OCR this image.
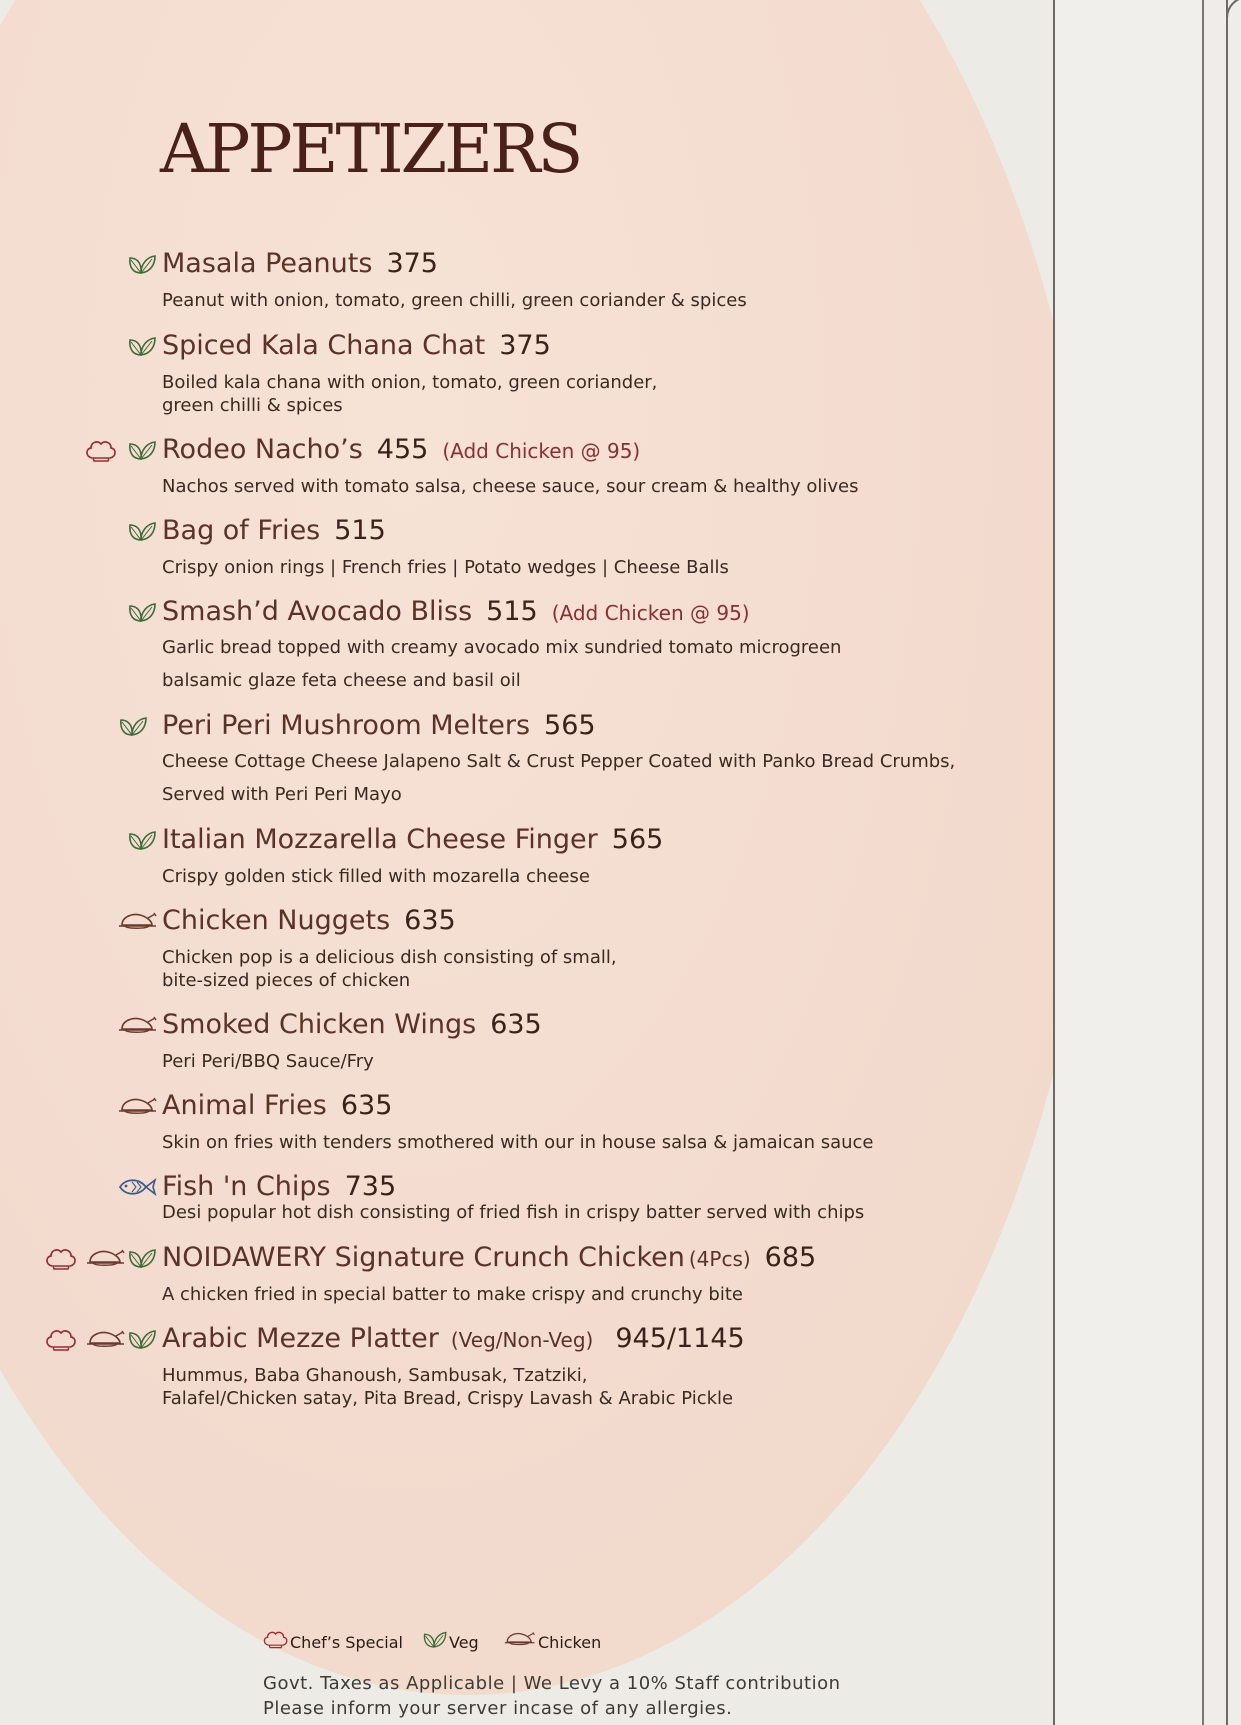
APPETIZERS
Masala Peanuts 375
Peanut with onion, tomato, green chilli, green coriander & spices
Spiced Kala Chana Chat 375
Boiled kala chana with onion, tomato, green coriander,
green chilli & spices
Rodeo Nacho’s 455 (Add Chicken @ 95)
Nachos served with tomato salsa, cheese sauce, sour cream & healthy olives
Bag of Fries 515
Crispy onion rings | French fries | Potato wedges | Cheese Balls
Smash’d Avocado Bliss 515 (Add Chicken @ 95)
Garlic bread topped with creamy avocado mix sundried tomato microgreen
balsamic glaze feta cheese and basil oil
Peri Peri Mushroom Melters 565
Cheese Cottage Cheese Jalapeno Salt & Crust Pepper Coated with Panko Bread Crumbs,
Served with Peri Peri Mayo
Italian Mozzarella Cheese Finger 565
Crispy golden stick filled with mozarella cheese
Chicken Nuggets 635
Chicken pop is a delicious dish consisting of small,
bite-sized pieces of chicken
Smoked Chicken Wings 635
Peri Peri/BBQ Sauce/Fry
Animal Fries 635
Skin on fries with tenders smothered with our in house salsa & jamaican sauce
Fish 'n Chips 735
Desi popular hot dish consisting of fried fish in crispy batter served with chips
NOIDAWERY Signature Crunch Chicken (4Pcs) 685
A chicken fried in special batter to make crispy and crunchy bite
Arabic Mezze Platter (Veg/Non-Veg) 945/1145
Hummus, Baba Ghanoush, Sambusak, Tzatziki,
Falafel/Chicken satay, Pita Bread, Crispy Lavash & Arabic Pickle
Chef’s Special	Veg	Chicken
Govt. Taxes as Applicable | We Levy a 10% Staff contribution
Please inform your server incase of any allergies.
